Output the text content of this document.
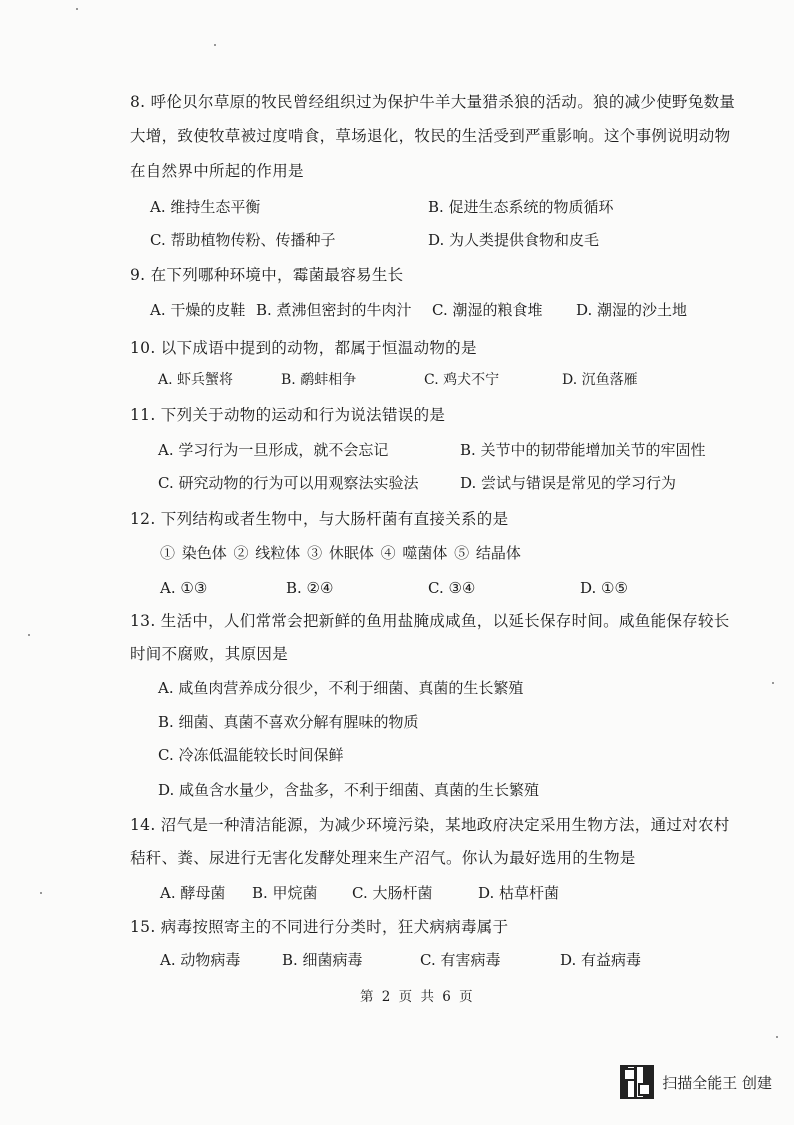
8. 呼伦贝尔草原的牧民曾经组织过为保护牛羊大量猎杀狼的活动。狼的减少使野兔数量
大增，致使牧草被过度啃食，草场退化，牧民的生活受到严重影响。这个事例说明动物
在自然界中所起的作用是
A. 维持生态平衡	B. 促进生态系统的物质循环
C. 帮助植物传粉、传播种子	D. 为人类提供食物和皮毛
9. 在下列哪种环境中，霉菌最容易生长
A. 干燥的皮鞋 B. 煮沸但密封的牛肉汁 C. 潮湿的粮食堆 D. 潮湿的沙土地
10. 以下成语中提到的动物，都属于恒温动物的是
A. 虾兵蟹将	B. 鹬蚌相争	C. 鸡犬不宁	D. 沉鱼落雁
11. 下列关于动物的运动和行为说法错误的是
A. 学习行为一旦形成，就不会忘记	B. 关节中的韧带能增加关节的牢固性
C. 研究动物的行为可以用观察法实验法	D. 尝试与错误是常见的学习行为
12. 下列结构或者生物中，与大肠杆菌有直接关系的是
① 染色体 ② 线粒体 ③ 休眠体 ④ 噬菌体 ⑤ 结晶体
A. ①③	B. ②④	C. ③④	D. ①⑤
13. 生活中，人们常常会把新鲜的鱼用盐腌成咸鱼，以延长保存时间。咸鱼能保存较长
时间不腐败，其原因是
A. 咸鱼肉营养成分很少，不利于细菌、真菌的生长繁殖
B. 细菌、真菌不喜欢分解有腥味的物质
C. 冷冻低温能较长时间保鲜
D. 咸鱼含水量少，含盐多，不利于细菌、真菌的生长繁殖
14. 沼气是一种清洁能源，为减少环境污染，某地政府决定采用生物方法，通过对农村
秸秆、粪、尿进行无害化发酵处理来生产沼气。你认为最好选用的生物是
A. 酵母菌 B. 甲烷菌 C. 大肠杆菌	D. 枯草杆菌
15. 病毒按照寄主的不同进行分类时，狂犬病病毒属于
A. 动物病毒	B. 细菌病毒	C. 有害病毒	D. 有益病毒
第 2 页 共 6 页
扫描全能王 创建
